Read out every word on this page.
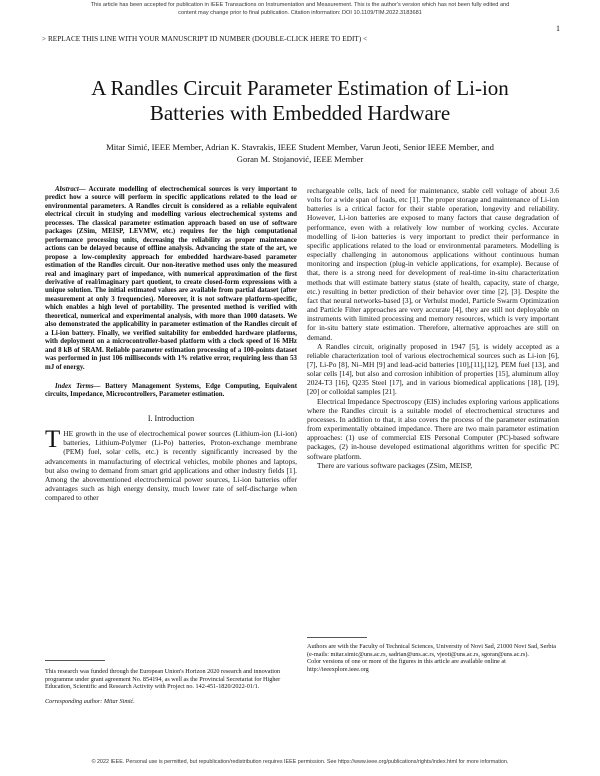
This article has been accepted for publication in IEEE Transactions on Instrumentation and Measurement. This is the author's version which has not been fully edited and
content may change prior to final publication. Citation information: DOI 10.1109/TIM.2022.3183681
1
> REPLACE THIS LINE WITH YOUR MANUSCRIPT ID NUMBER (DOUBLE-CLICK HERE TO EDIT) <
A Randles Circuit Parameter Estimation of Li-ion
Batteries with Embedded Hardware
Mitar Simić, IEEE Member, Adrian K. Stavrakis, IEEE Student Member, Varun Jeoti, Senior IEEE Member, and
Goran M. Stojanović, IEEE Member

Abstract— Accurate modelling of electrochemical sources is very important to predict how a source will perform in specific applications related to the load or environmental parameters. A Randles circuit is considered as a reliable equivalent electrical circuit in studying and modelling various electrochemical systems and processes. The classical parameter estimation approach based on use of software packages (ZSim, MEISP, LEVMW, etc.) requires for the high computational performance processing units, decreasing the reliability as proper maintenance actions can be delayed because of offline analysis. Advancing the state of the art, we propose a low-complexity approach for embedded hardware-based parameter estimation of the Randles circuit. Our non-iterative method uses only the measured real and imaginary part of impedance, with numerical approximation of the first derivative of real/imaginary part quotient, to create closed-form expressions with a unique solution. The initial estimated values are available from partial dataset (after measurement at only 3 frequencies). Moreover, it is not software platform-specific, which enables a high level of portability. The presented method is verified with theoretical, numerical and experimental analysis, with more than 1000 datasets. We also demonstrated the applicability in parameter estimation of the Randles circuit of a Li-ion battery. Finally, we verified suitability for embedded hardware platforms, with deployment on a microcontroller-based platform with a clock speed of 16 MHz and 8 kB of SRAM. Reliable parameter estimation processing of a 100-points dataset was performed in just 106 milliseconds with 1% relative error, requiring less than 53 mJ of energy.

Index Terms— Battery Management Systems, Edge Computing, Equivalent circuits, Impedance, Microcontrollers, Parameter estimation.

I. Introduction

THE growth in the use of electrochemical power sources (Lithium-ion (Li-ion) batteries, Lithium-Polymer (Li-Po) batteries, Proton-exchange membrane (PEM) fuel, solar cells, etc.) is recently significantly increased by the advancements in manufacturing of electrical vehicles, mobile phones and laptops, but also owing to demand from smart grid applications and other industry fields [1]. Among the abovementioned electrochemical power sources, Li-ion batteries offer advantages such as high energy density, much lower rate of self-discharge when compared to other

rechargeable cells, lack of need for maintenance, stable cell voltage of about 3.6 volts for a wide span of loads, etc [1]. The proper storage and maintenance of Li-ion batteries is a critical factor for their stable operation, longevity and reliability. However, Li-ion batteries are exposed to many factors that cause degradation of performance, even with a relatively low number of working cycles. Accurate modelling of li-ion batteries is very important to predict their performance in specific applications related to the load or environmental parameters. Modelling is especially challenging in autonomous applications without continuous human monitoring and inspection (plug-in vehicle applications, for example). Because of that, there is a strong need for development of real-time in-situ characterization methods that will estimate battery status (state of health, capacity, state of charge, etc.) resulting in better prediction of their behavior over time [2], [3]. Despite the fact that neural networks-based [3], or Verhulst model, Particle Swarm Optimization and Particle Filter approaches are very accurate [4], they are still not deployable on instruments with limited processing and memory resources, which is very important for in-situ battery state estimation. Therefore, alternative approaches are still on demand.

A Randles circuit, originally proposed in 1947 [5], is widely accepted as a reliable characterization tool of various electrochemical sources such as Li-ion [6], [7], Li-Po [8], Ni–MH [9] and lead-acid batteries [10],[11],[12], PEM fuel [13], and solar cells [14], but also and corrosion inhibition of properties [15], aluminum alloy 2024-T3 [16], Q235 Steel [17], and in various biomedical applications [18], [19], [20] or colloidal samples [21].

Electrical Impedance Spectroscopy (EIS) includes exploring various applications where the Randles circuit is a suitable model of electrochemical structures and processes. In addition to that, it also covers the process of the parameter estimation from experimentally obtained impedance. There are two main parameter estimation approaches: (1) use of commercial EIS Personal Computer (PC)-based software packages, (2) in-house developed estimational algorithms written for specific PC software platform.

There are various software packages (ZSim, MEISP,

This research was funded through the European Union's Horizon 2020 research and innovation programme under grant agreement No. 854194, as well as the Provincial Secretariat for Higher Education, Scientific and Research Activity with Project no. 142-451-1820/2022-01/1.
Corresponding author: Mitar Simić.
Authors are with the Faculty of Technical Sciences, University of Novi Sad, 21000 Novi Sad, Serbia (e-mails: mitar.simic@uns.ac.rs, sadrian@uns.ac.rs, vjeoti@uns.ac.rs, sgoran@uns.ac.rs).
Color versions of one or more of the figures in this article are available online at http://ieeexplore.ieee.org
© 2022 IEEE. Personal use is permitted, but republication/redistribution requires IEEE permission. See https://www.ieee.org/publications/rights/index.html for more information.
